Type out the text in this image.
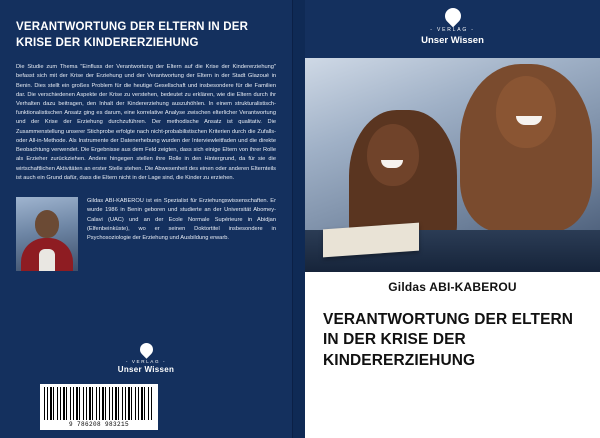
VERANTWORTUNG DER ELTERN IN DER KRISE DER KINDERERZIEHUNG
Die Studie zum Thema "Einfluss der Verantwortung der Eltern auf die Krise der Kindererziehung" befasst sich mit der Krise der Erziehung und der Verantwortung der Eltern in der Stadt Glazoué in Benin. Dies stellt ein großes Problem für die heutige Gesellschaft und insbesondere für die Familien dar. Die verschiedenen Aspekte der Krise zu verstehen, bedeutet zu erklären, wie die Eltern durch ihr Verhalten dazu beitragen, den Inhalt der Kindererziehung auszuhöhlen. In einem strukturalistisch-funktionalistischen Ansatz ging es darum, eine korrelative Analyse zwischen elterlicher Verantwortung und der Krise der Erziehung durchzuführen. Der methodische Ansatz ist qualitativ. Die Zusammenstellung unserer Stichprobe erfolgte nach nicht-probabilistischen Kriterien durch die Zufalls- oder All-in-Methode. Als Instrumente der Datenerhebung wurden der Interviewleitfaden und die direkte Beobachtung verwendet. Die Ergebnisse aus dem Feld zeigten, dass sich einige Eltern von ihrer Rolle als Erzieher zurückziehen. Andere hingegen stellen ihre Rolle in den Hintergrund, da für sie die wirtschaftlichen Aktivitäten an erster Stelle stehen. Die Abwesenheit des einen oder anderen Elternteils ist auch ein Grund dafür, dass die Eltern nicht in der Lage sind, die Kinder zu erziehen.
Gildas ABI-KABEROU ist ein Spezialist für Erziehungswissenschaften. Er wurde 1986 in Benin geboren und studierte an der Universität Abomey-Calavi (UAC) und an der Ecole Normale Supérieure in Abidjan (Elfenbeinküste), wo er seinen Doktortitel insbesondere in Psychosoziologie der Erziehung und Ausbildung erwarb.
- VERLAG -
Unser Wissen
9 786208 983215
- VERLAG -
Unser Wissen
Gildas ABI-KABEROU
VERANTWORTUNG DER ELTERN IN DER KRISE DER KINDERERZIEHUNG
